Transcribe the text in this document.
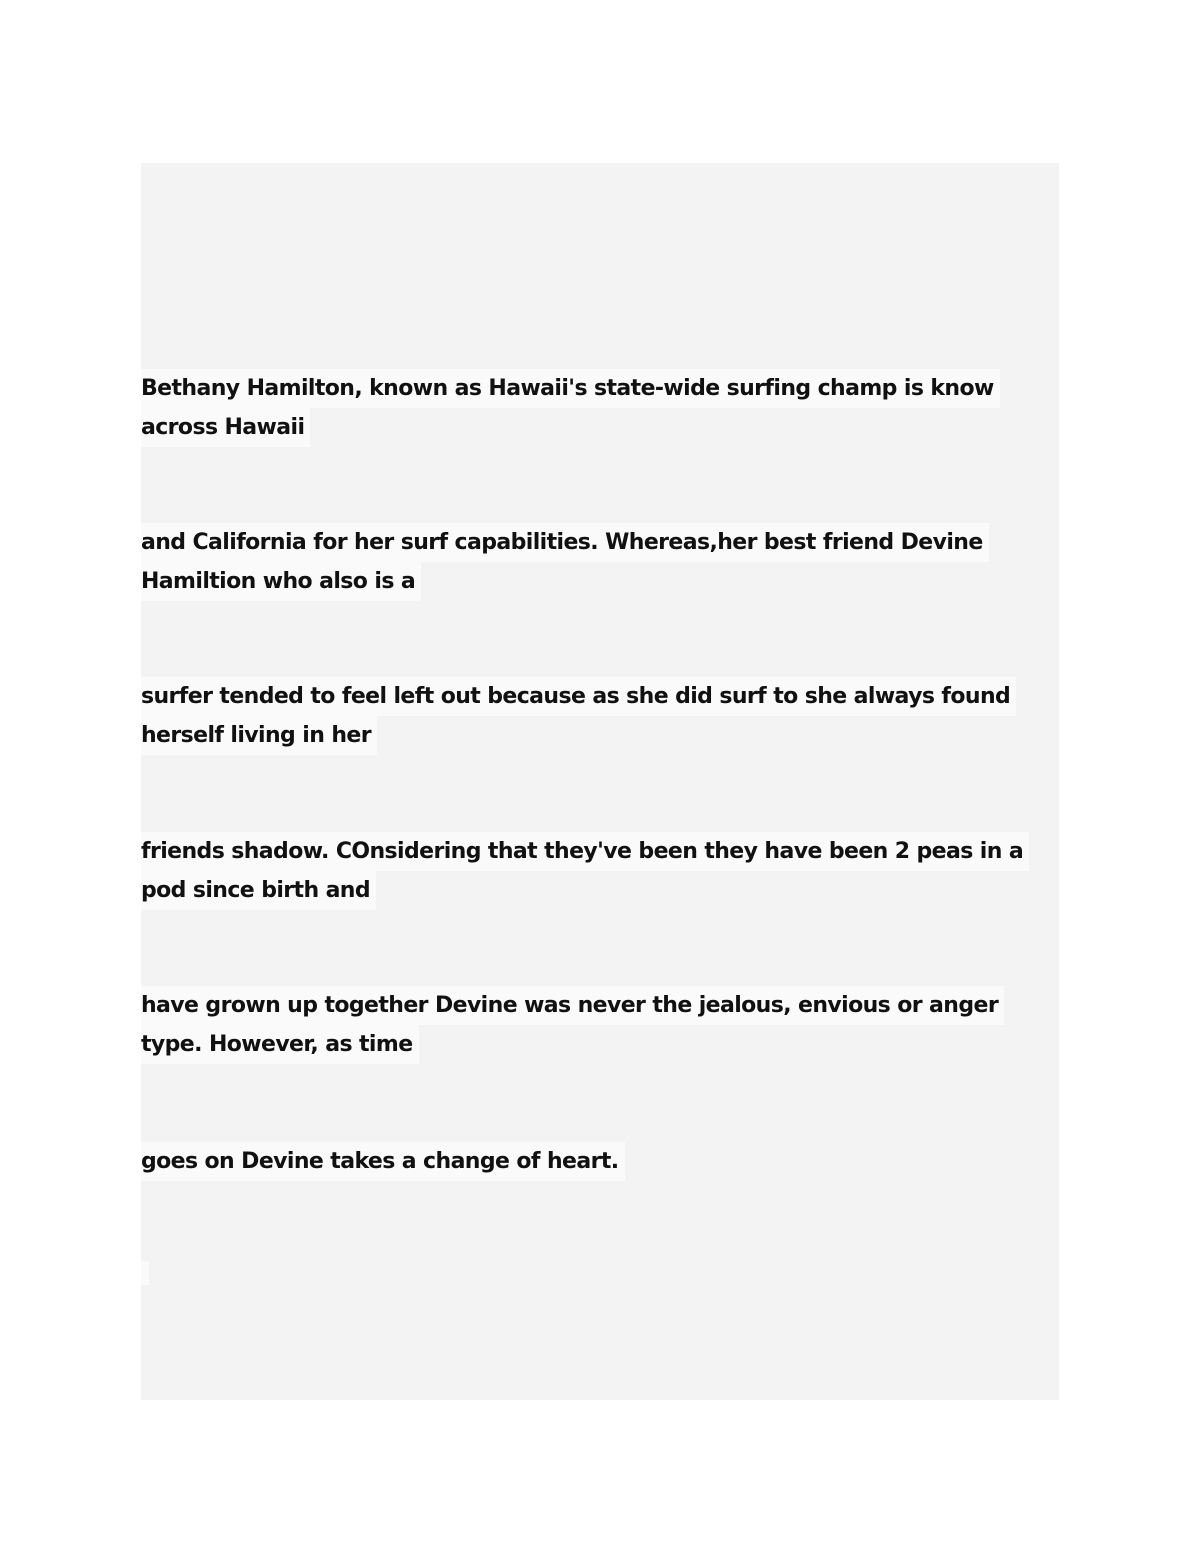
Bethany Hamilton, known as Hawaii's state-wide surfing champ is know
across Hawaii
and California for her surf capabilities. Whereas,her best friend Devine
Hamiltion who also is a
surfer tended to feel left out because as she did surf to she always found
herself living in her
friends shadow. COnsidering that they've been they have been 2 peas in a
pod since birth and
have grown up together Devine was never the jealous, envious or anger
type. However, as time
goes on Devine takes a change of heart.
